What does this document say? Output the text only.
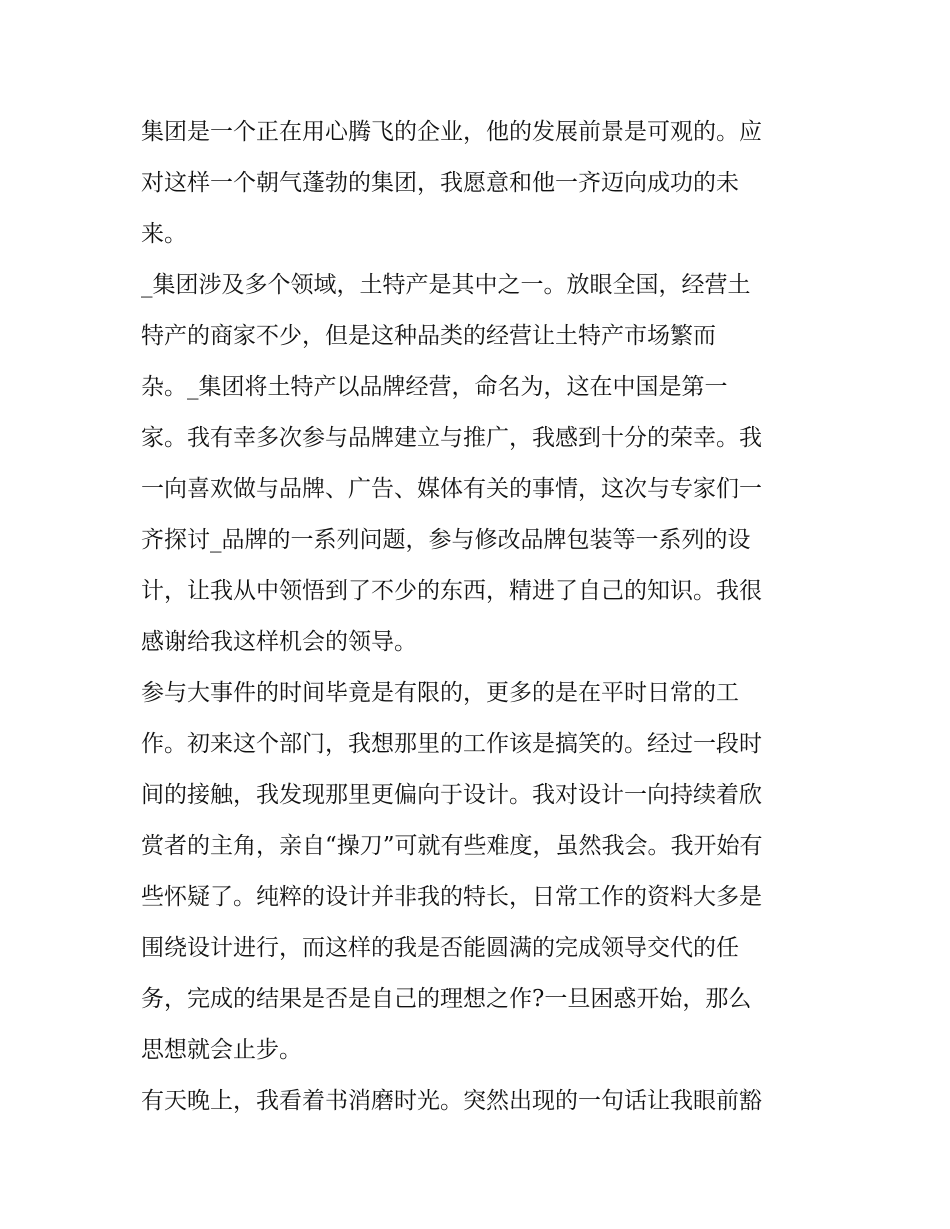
集团是一个正在用心腾飞的企业，他的发展前景是可观的。应
对这样一个朝气蓬勃的集团，我愿意和他一齐迈向成功的未
来。
_集团涉及多个领域，土特产是其中之一。放眼全国，经营土
特产的商家不少，但是这种品类的经营让土特产市场繁而
杂。_集团将土特产以品牌经营，命名为，这在中国是第一
家。我有幸多次参与品牌建立与推广，我感到十分的荣幸。我
一向喜欢做与品牌、广告、媒体有关的事情，这次与专家们一
齐探讨_品牌的一系列问题，参与修改品牌包装等一系列的设
计，让我从中领悟到了不少的东西，精进了自己的知识。我很
感谢给我这样机会的领导。
参与大事件的时间毕竟是有限的，更多的是在平时日常的工
作。初来这个部门，我想那里的工作该是搞笑的。经过一段时
间的接触，我发现那里更偏向于设计。我对设计一向持续着欣
赏者的主角，亲自“操刀”可就有些难度，虽然我会。我开始有
些怀疑了。纯粹的设计并非我的特长，日常工作的资料大多是
围绕设计进行，而这样的我是否能圆满的完成领导交代的任
务，完成的结果是否是自己的理想之作?一旦困惑开始，那么
思想就会止步。
有天晚上，我看着书消磨时光。突然出现的一句话让我眼前豁
